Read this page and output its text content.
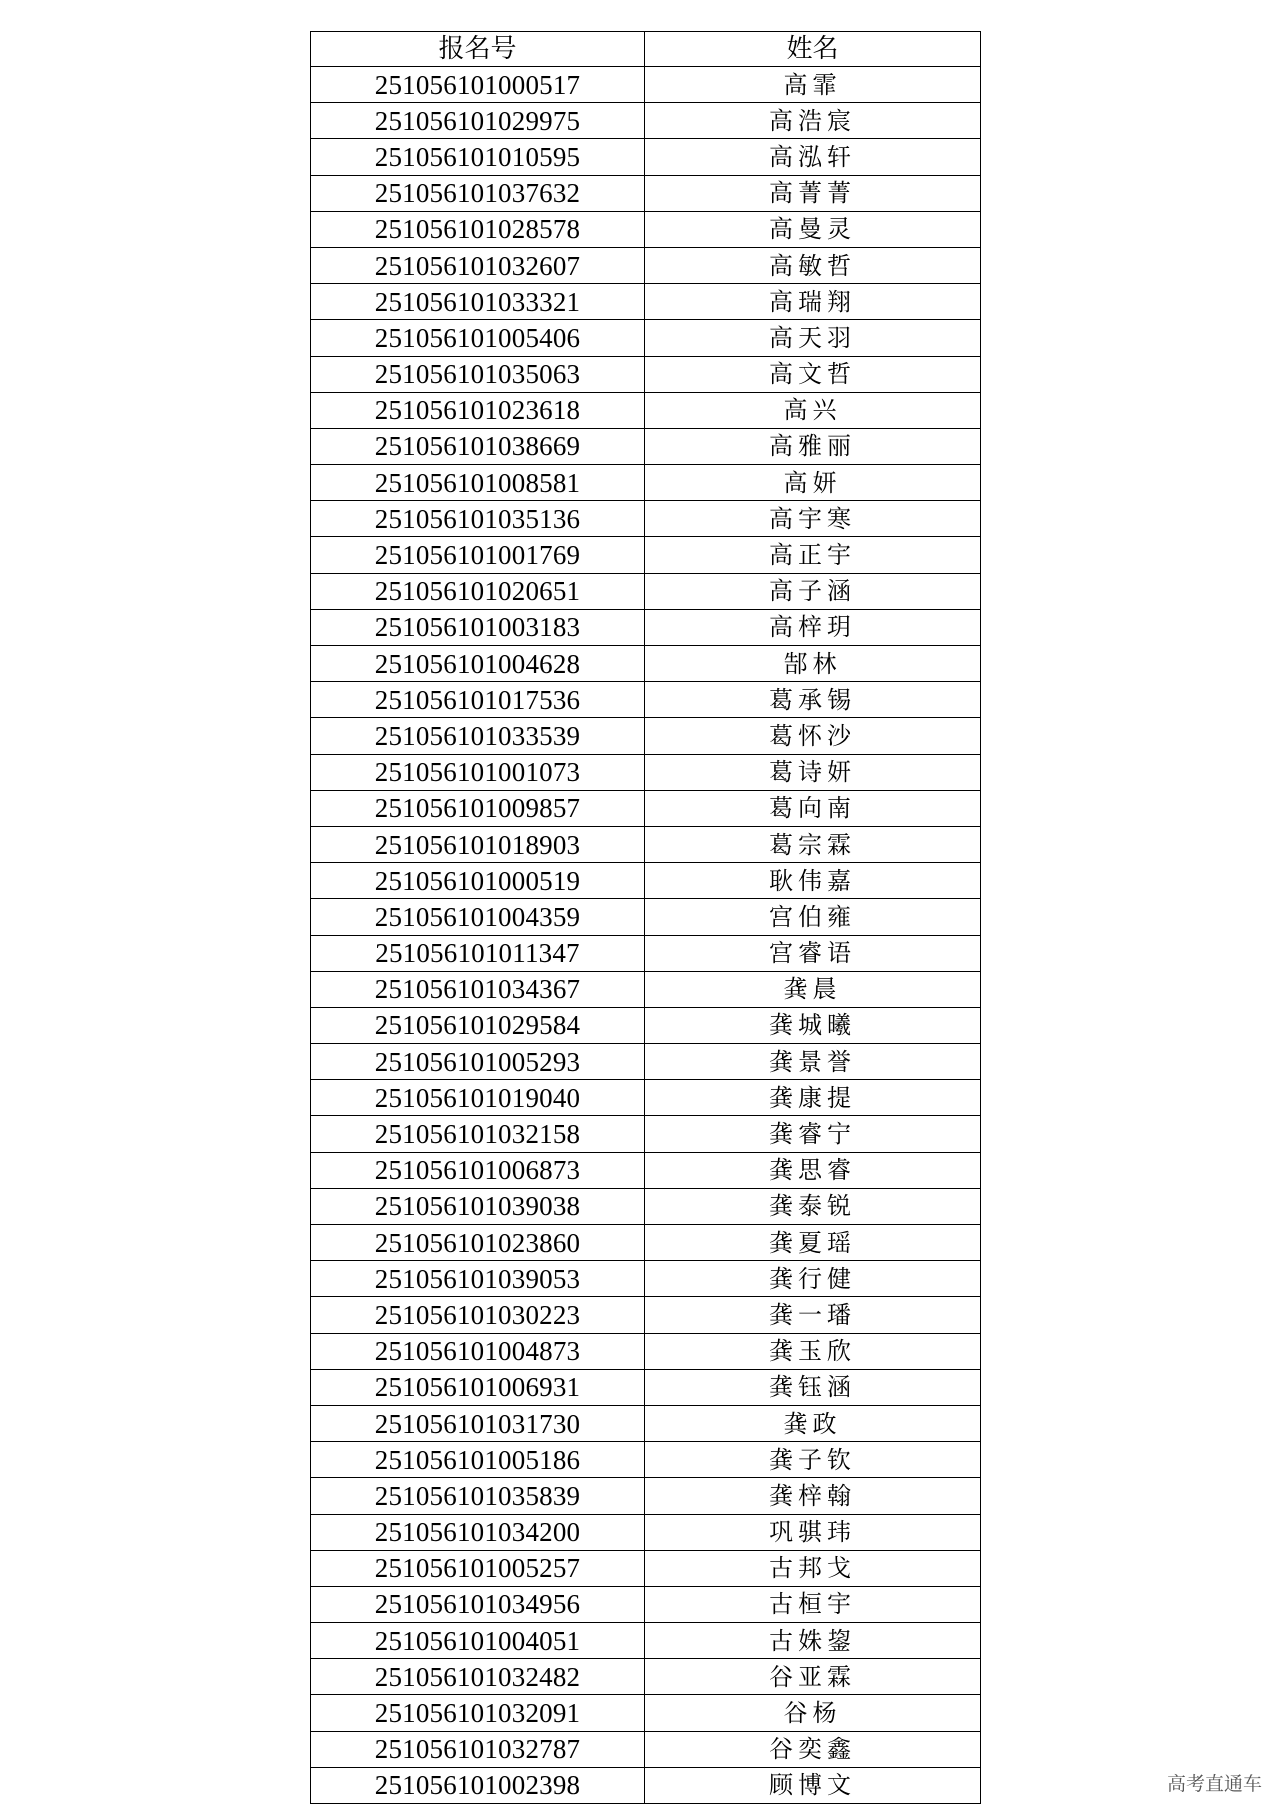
报名号	姓名
251056101000517	高霏
251056101029975	高浩宸
251056101010595	高泓轩
251056101037632	高菁菁
251056101028578	高曼灵
251056101032607	高敏哲
251056101033321	高瑞翔
251056101005406	高天羽
251056101035063	高文哲
251056101023618	高兴
251056101038669	高雅丽
251056101008581	高妍
251056101035136	高宇寒
251056101001769	高正宇
251056101020651	高子涵
251056101003183	高梓玥
251056101004628	郜林
251056101017536	葛承锡
251056101033539	葛怀沙
251056101001073	葛诗妍
251056101009857	葛向南
251056101018903	葛宗霖
251056101000519	耿伟嘉
251056101004359	宫伯雍
251056101011347	宫睿语
251056101034367	龚晨
251056101029584	龚城曦
251056101005293	龚景誉
251056101019040	龚康提
251056101032158	龚睿宁
251056101006873	龚思睿
251056101039038	龚泰锐
251056101023860	龚夏瑶
251056101039053	龚行健
251056101030223	龚一璠
251056101004873	龚玉欣
251056101006931	龚钰涵
251056101031730	龚政
251056101005186	龚子钦
251056101035839	龚梓翰
251056101034200	巩骐玮
251056101005257	古邦戈
251056101034956	古桓宇
251056101004051	古姝鋆
251056101032482	谷亚霖
251056101032091	谷杨
251056101032787	谷奕鑫
251056101002398	顾博文	高考直通车
